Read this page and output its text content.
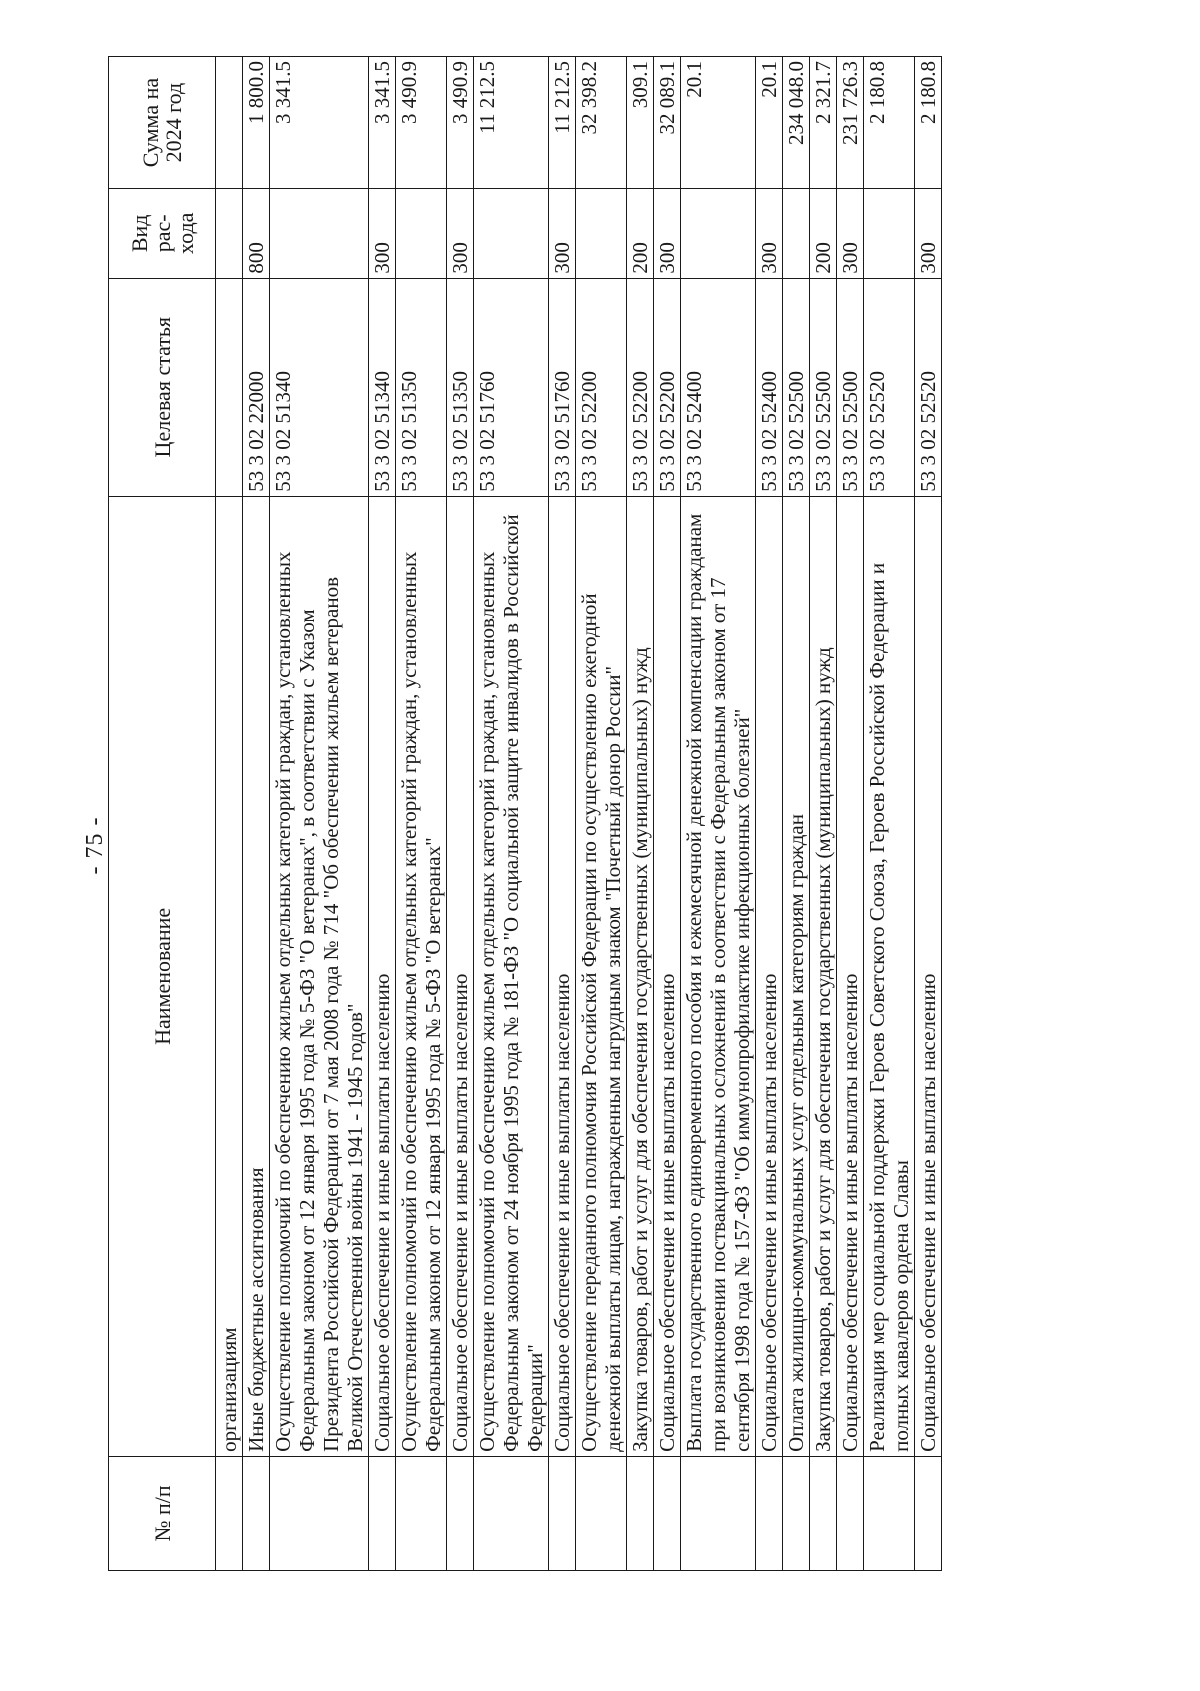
- 75 -
№ п/п	Наименование	Целевая статья	Вид рас- хода	Сумма на 2024 год
	организациям			
	Иные бюджетные ассигнования	53 3 02 22000	800	1 800.0
	Осуществление полномочий по обеспечению жильем отдельных категорий граждан, установленных Федеральным законом от 12 января 1995 года № 5-ФЗ "О ветеранах", в соответствии с Указом Президента Российской Федерации от 7 мая 2008 года № 714 "Об обеспечении жильем ветеранов Великой Отечественной войны 1941 - 1945 годов"	53 3 02 51340		3 341.5
	Социальное обеспечение и иные выплаты населению	53 3 02 51340	300	3 341.5
	Осуществление полномочий по обеспечению жильем отдельных категорий граждан, установленных Федеральным законом от 12 января 1995 года № 5-ФЗ "О ветеранах"	53 3 02 51350		3 490.9
	Социальное обеспечение и иные выплаты населению	53 3 02 51350	300	3 490.9
	Осуществление полномочий по обеспечению жильем отдельных категорий граждан, установленных Федеральным законом от 24 ноября 1995 года № 181-ФЗ "О социальной защите инвалидов в Российской Федерации"	53 3 02 51760		11 212.5
	Социальное обеспечение и иные выплаты населению	53 3 02 51760	300	11 212.5
	Осуществление переданного полномочия Российской Федерации по осуществлению ежегодной денежной выплаты лицам, награжденным нагрудным знаком "Почетный донор России"	53 3 02 52200		32 398.2
	Закупка товаров, работ и услуг для обеспечения государственных (муниципальных) нужд	53 3 02 52200	200	309.1
	Социальное обеспечение и иные выплаты населению	53 3 02 52200	300	32 089.1
	Выплата государственного единовременного пособия и ежемесячной денежной компенсации гражданам при возникновении поствакцинальных осложнений в соответствии с Федеральным законом от 17 сентября 1998 года № 157-ФЗ "Об иммунопрофилактике инфекционных болезней"	53 3 02 52400		20.1
	Социальное обеспечение и иные выплаты населению	53 3 02 52400	300	20.1
	Оплата жилищно-коммунальных услуг отдельным категориям граждан	53 3 02 52500		234 048.0
	Закупка товаров, работ и услуг для обеспечения государственных (муниципальных) нужд	53 3 02 52500	200	2 321.7
	Социальное обеспечение и иные выплаты населению	53 3 02 52500	300	231 726.3
	Реализация мер социальной поддержки Героев Советского Союза, Героев Российской Федерации и полных кавалеров ордена Славы	53 3 02 52520		2 180.8
	Социальное обеспечение и иные выплаты населению	53 3 02 52520	300	2 180.8
